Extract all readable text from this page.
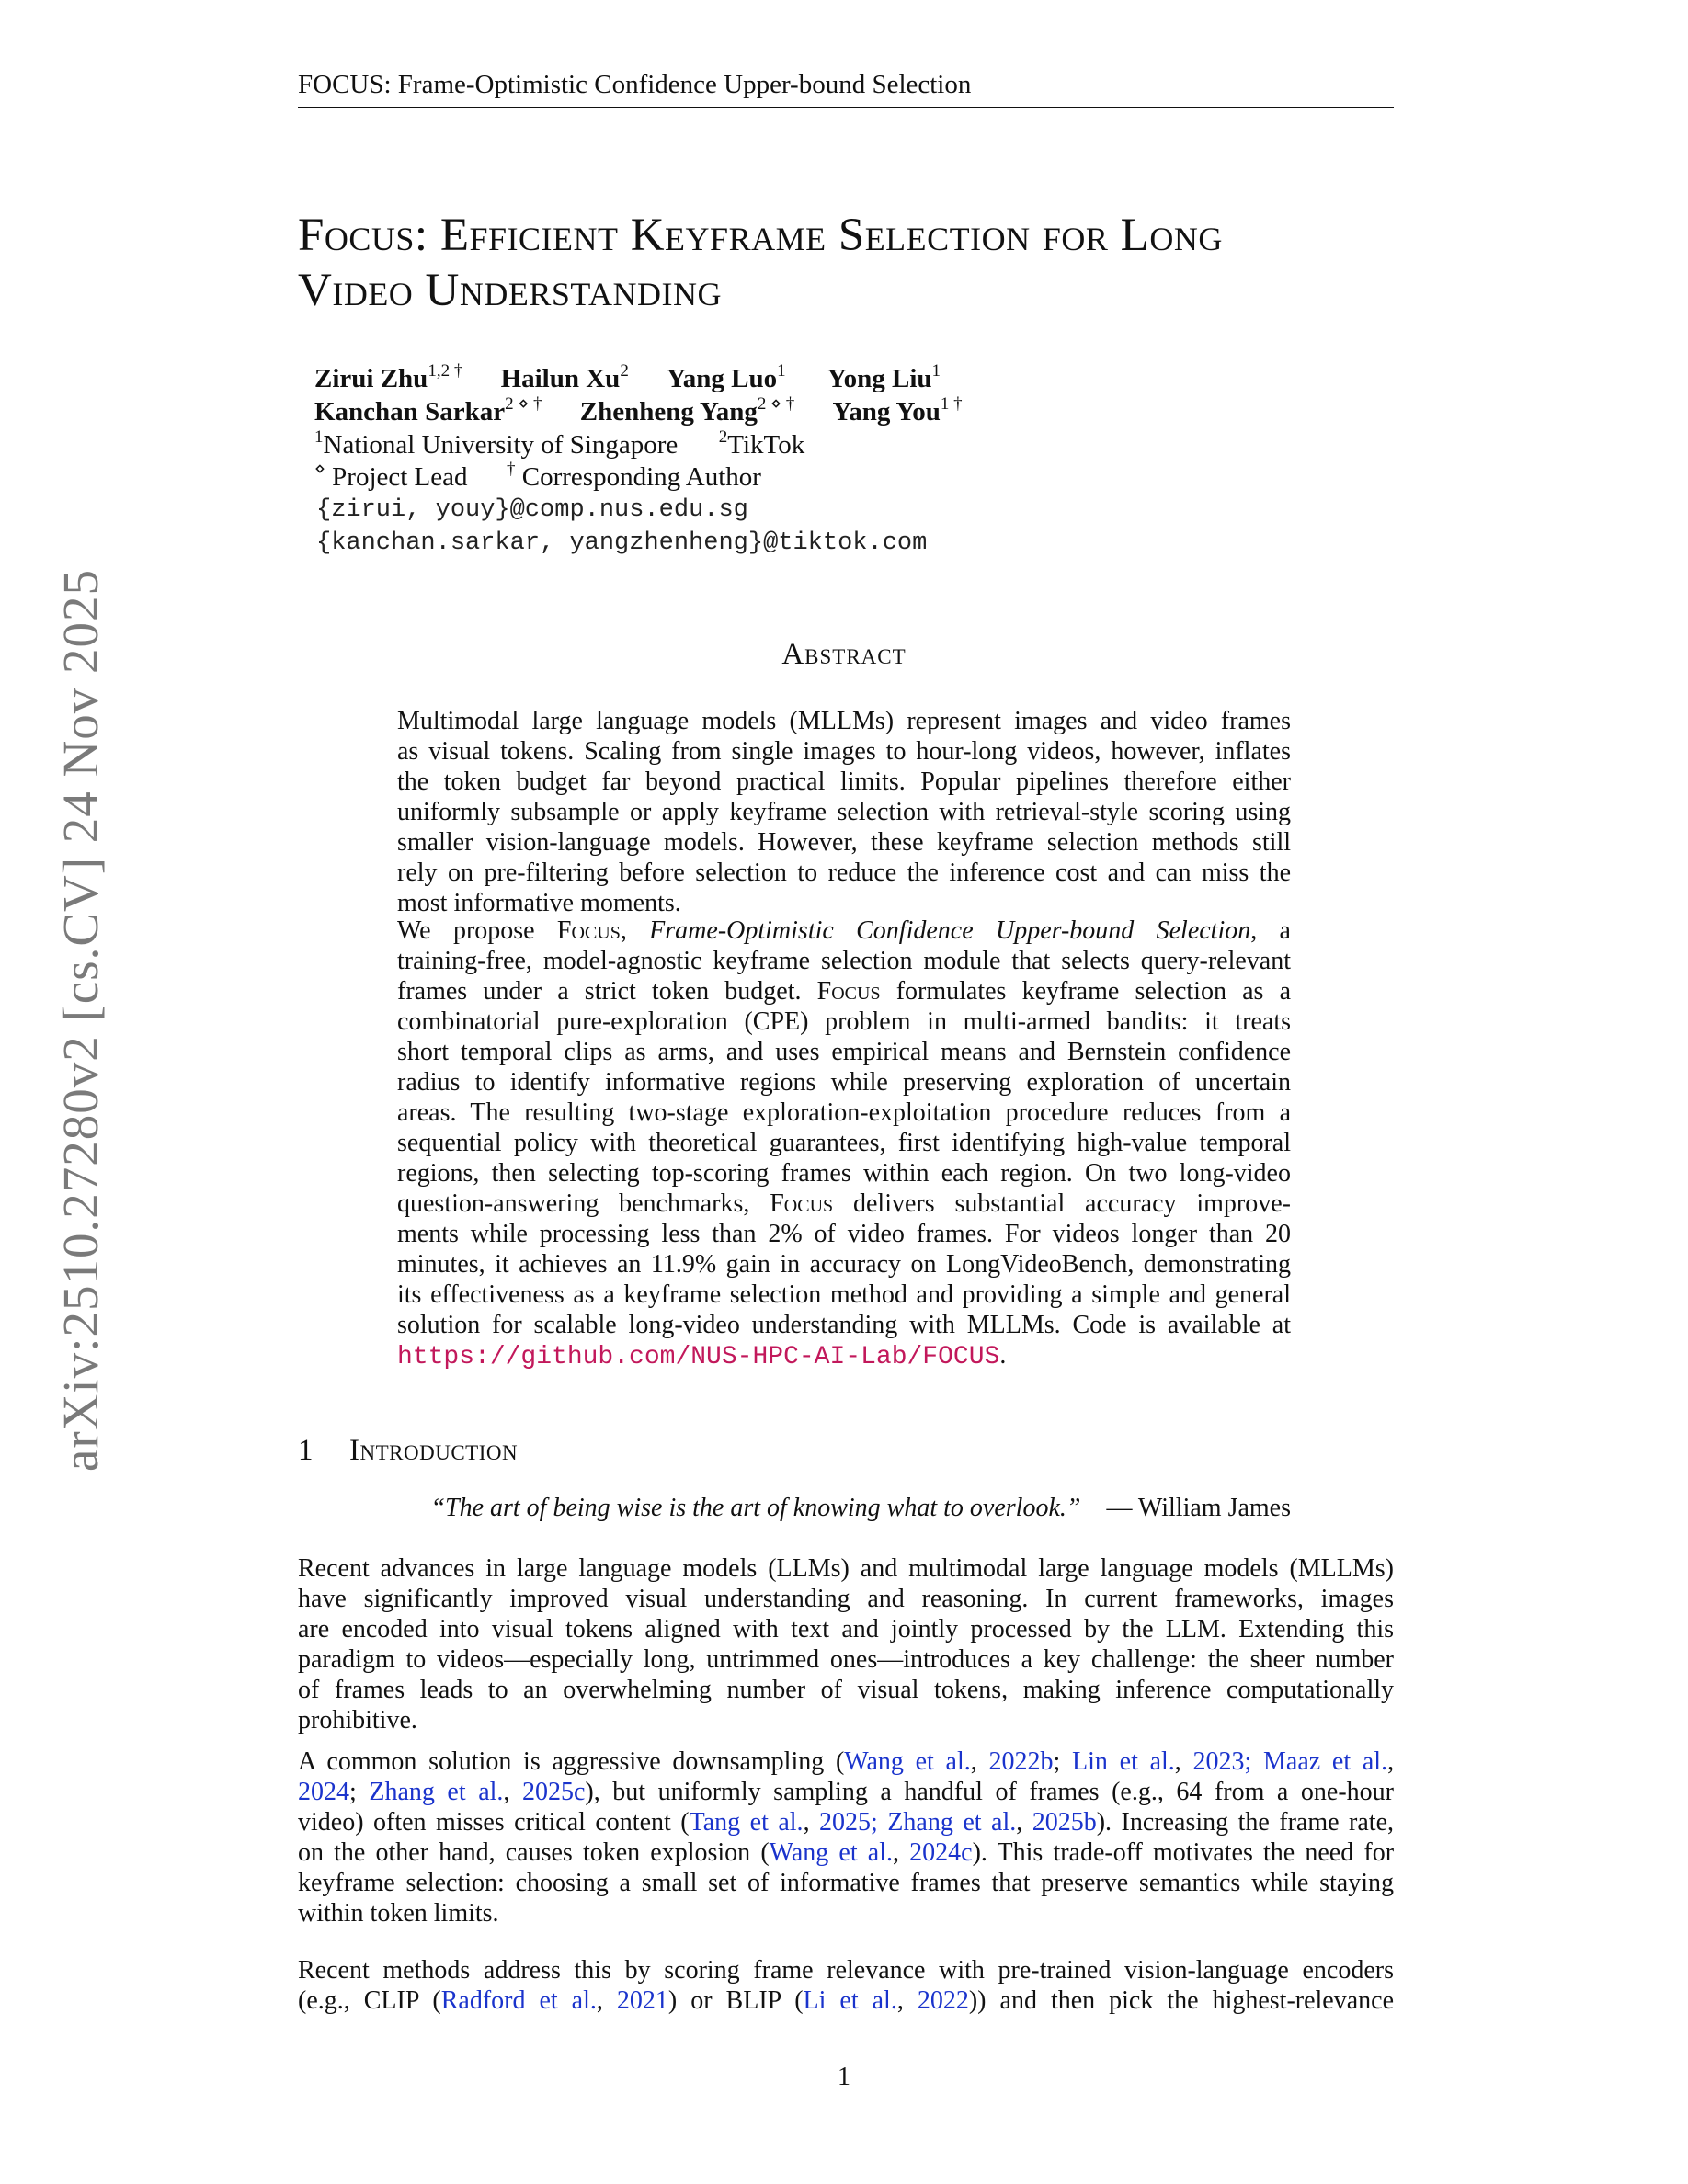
arXiv:2510.27280v2 [cs.CV] 24 Nov 2025
FOCUS: Frame-Optimistic Confidence Upper-bound Selection
Focus: Efficient Keyframe Selection for Long
Video Understanding
Zirui Zhu$^{1,2 \dagger}$ Hailun Xu$^2$ Yang Luo$^1$ Yong Liu$^1$
Kanchan Sarkar$^{2 ⋄ \dagger}$ Zhenheng Yang$^{2 ⋄ \dagger}$ Yang You$^{1 \dagger}$
$^1$National University of Singapore $^2$TikTok
⋄ Project Lead † Corresponding Author
{zirui, youy}@comp.nus.edu.sg
{kanchan.sarkar, yangzhenheng}@tiktok.com
Abstract
Multimodal large language models (MLLMs) represent images and video frames
as visual tokens. Scaling from single images to hour-long videos, however, inflates
the token budget far beyond practical limits. Popular pipelines therefore either
uniformly subsample or apply keyframe selection with retrieval-style scoring using
smaller vision-language models. However, these keyframe selection methods still
rely on pre-filtering before selection to reduce the inference cost and can miss the
most informative moments.
We propose Focus, Frame-Optimistic Confidence Upper-bound Selection, a
training-free, model-agnostic keyframe selection module that selects query-relevant
frames under a strict token budget. Focus formulates keyframe selection as a
combinatorial pure-exploration (CPE) problem in multi-armed bandits: it treats
short temporal clips as arms, and uses empirical means and Bernstein confidence
radius to identify informative regions while preserving exploration of uncertain
areas. The resulting two-stage exploration-exploitation procedure reduces from a
sequential policy with theoretical guarantees, first identifying high-value temporal
regions, then selecting top-scoring frames within each region. On two long-video
question-answering benchmarks, Focus delivers substantial accuracy improve-
ments while processing less than 2% of video frames. For videos longer than 20
minutes, it achieves an 11.9% gain in accuracy on LongVideoBench, demonstrating
its effectiveness as a keyframe selection method and providing a simple and general
solution for scalable long-video understanding with MLLMs. Code is available at
https://github.com/NUS-HPC-AI-Lab/FOCUS.
1 Introduction
“The art of being wise is the art of knowing what to overlook.” — William James
Recent advances in large language models (LLMs) and multimodal large language models (MLLMs)
have significantly improved visual understanding and reasoning. In current frameworks, images
are encoded into visual tokens aligned with text and jointly processed by the LLM. Extending this
paradigm to videos—especially long, untrimmed ones—introduces a key challenge: the sheer number
of frames leads to an overwhelming number of visual tokens, making inference computationally
prohibitive.
A common solution is aggressive downsampling (Wang et al., 2022b; Lin et al., 2023; Maaz et al.,
2024; Zhang et al., 2025c), but uniformly sampling a handful of frames (e.g., 64 from a one-hour
video) often misses critical content (Tang et al., 2025; Zhang et al., 2025b). Increasing the frame rate,
on the other hand, causes token explosion (Wang et al., 2024c). This trade-off motivates the need for
keyframe selection: choosing a small set of informative frames that preserve semantics while staying
within token limits.
Recent methods address this by scoring frame relevance with pre-trained vision-language encoders
(e.g., CLIP (Radford et al., 2021) or BLIP (Li et al., 2022)) and then pick the highest-relevance
1
